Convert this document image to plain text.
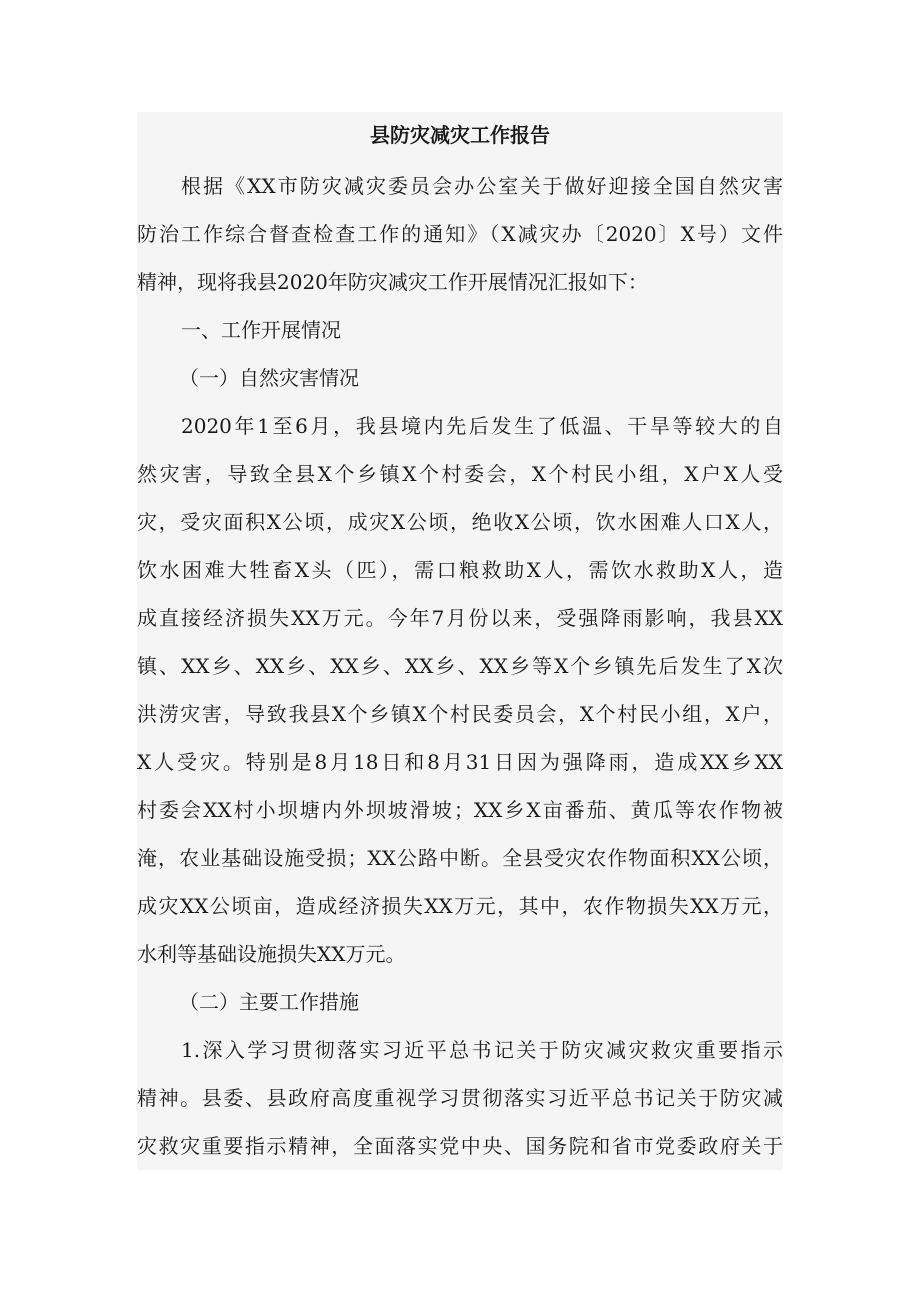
县防灾减灾工作报告

根据《XX市防灾减灾委员会办公室关于做好迎接全国自然灾害

防治工作综合督查检查工作的通知》（X减灾办〔2020〕X号）文件

精神，现将我县2020年防灾减灾工作开展情况汇报如下：

一、工作开展情况

（一）自然灾害情况

2020年1至6月，我县境内先后发生了低温、干旱等较大的自

然灾害，导致全县X个乡镇X个村委会，X个村民小组，X户X人受

灾，受灾面积X公顷，成灾X公顷，绝收X公顷，饮水困难人口X人，

饮水困难大牲畜X头（匹），需口粮救助X人，需饮水救助X人，造

成直接经济损失XX万元。今年7月份以来，受强降雨影响，我县XX

镇、XX乡、XX乡、XX乡、XX乡、XX乡等X个乡镇先后发生了X次

洪涝灾害，导致我县X个乡镇X个村民委员会，X个村民小组，X户，

X人受灾。特别是8月18日和8月31日因为强降雨，造成XX乡XX

村委会XX村小坝塘内外坝坡滑坡；XX乡X亩番茄、黄瓜等农作物被

淹，农业基础设施受损；XX公路中断。全县受灾农作物面积XX公顷，

成灾XX公顷亩，造成经济损失XX万元，其中，农作物损失XX万元，

水利等基础设施损失XX万元。

（二）主要工作措施

1.深入学习贯彻落实习近平总书记关于防灾减灾救灾重要指示

精神。县委、县政府高度重视学习贯彻落实习近平总书记关于防灾减

灾救灾重要指示精神，全面落实党中央、国务院和省市党委政府关于
